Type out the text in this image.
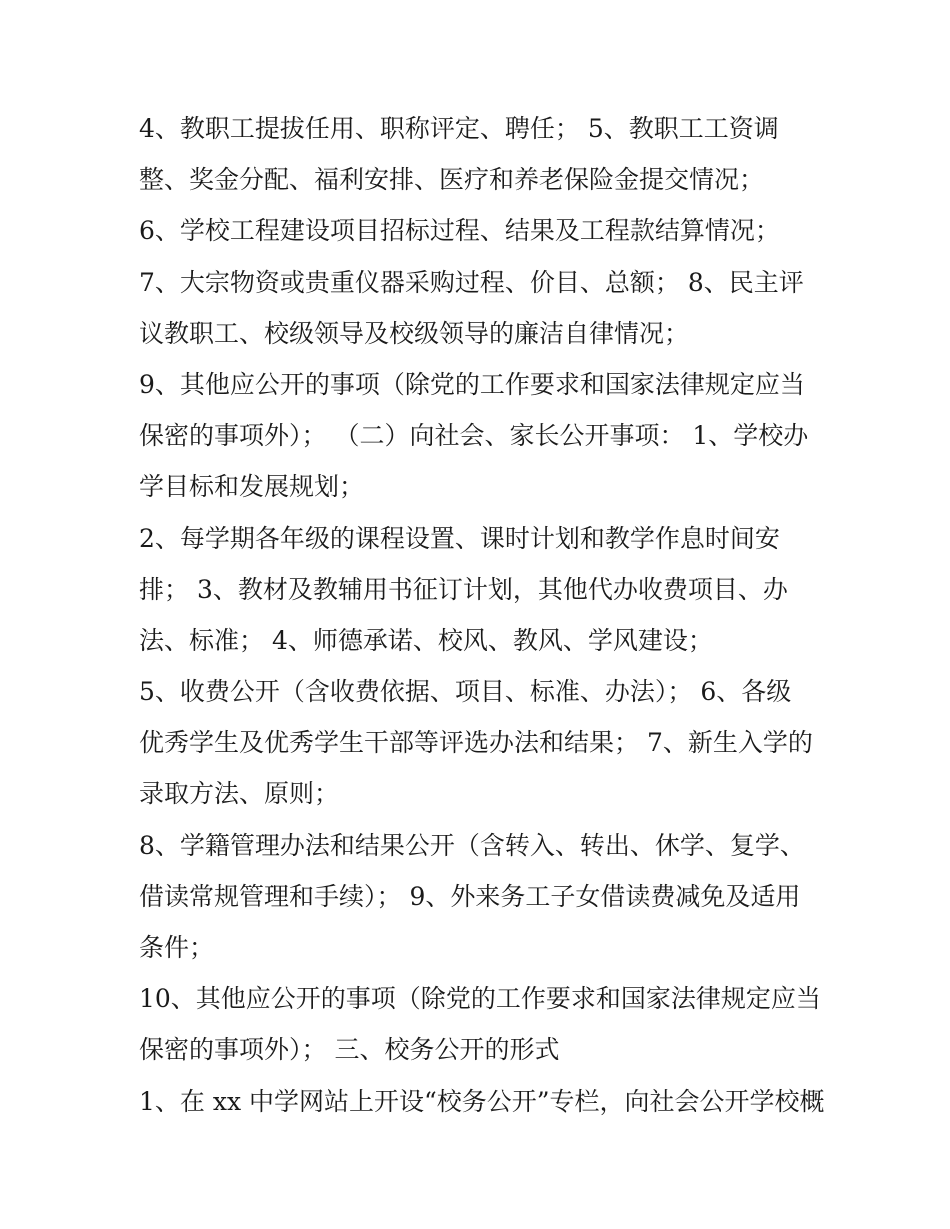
4、教职工提拔任用、职称评定、聘任； 5、教职工工资调
整、奖金分配、福利安排、医疗和养老保险金提交情况；
6、学校工程建设项目招标过程、结果及工程款结算情况；
7、大宗物资或贵重仪器采购过程、价目、总额； 8、民主评
议教职工、校级领导及校级领导的廉洁自律情况；
9、其他应公开的事项（除党的工作要求和国家法律规定应当
保密的事项外）； （二）向社会、家长公开事项： 1、学校办
学目标和发展规划；
2、每学期各年级的课程设置、课时计划和教学作息时间安
排； 3、教材及教辅用书征订计划，其他代办收费项目、办
法、标准； 4、师德承诺、校风、教风、学风建设；
5、收费公开（含收费依据、项目、标准、办法）； 6、各级
优秀学生及优秀学生干部等评选办法和结果； 7、新生入学的
录取方法、原则；
8、学籍管理办法和结果公开（含转入、转出、休学、复学、
借读常规管理和手续）； 9、外来务工子女借读费减免及适用
条件；
10、其他应公开的事项（除党的工作要求和国家法律规定应当
保密的事项外）； 三、校务公开的形式
1、在 xx 中学网站上开设“校务公开”专栏，向社会公开学校概
